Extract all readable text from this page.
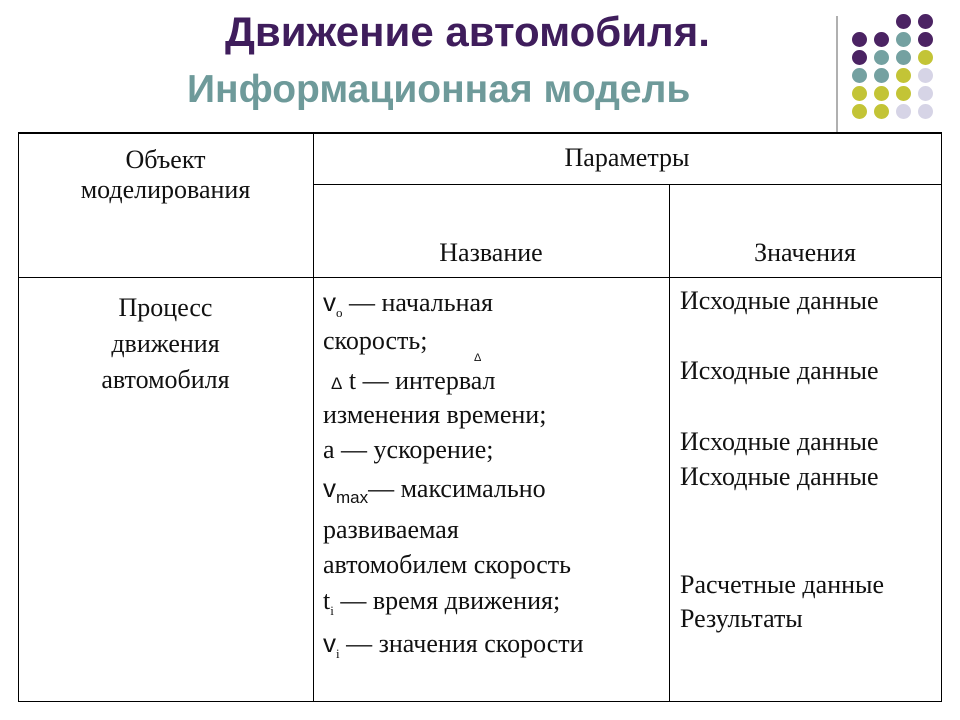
Движение автомобиля.
Информационная модель
Объект
моделирования
Параметры
Название	Значения
Процесс
движения
автомобиля
$v_o$ — начальная
скорость;
Δ
Δ t — интервал
изменения времени;
a — ускорение;
$v_{max}—$ максимально
развиваемая
автомобилем скорость
$t_i$ — время движения;
$v_i$ — значения скорости
Исходные данные
Исходные данные
Исходные данные
Исходные данные
Расчетные данные
Результаты
